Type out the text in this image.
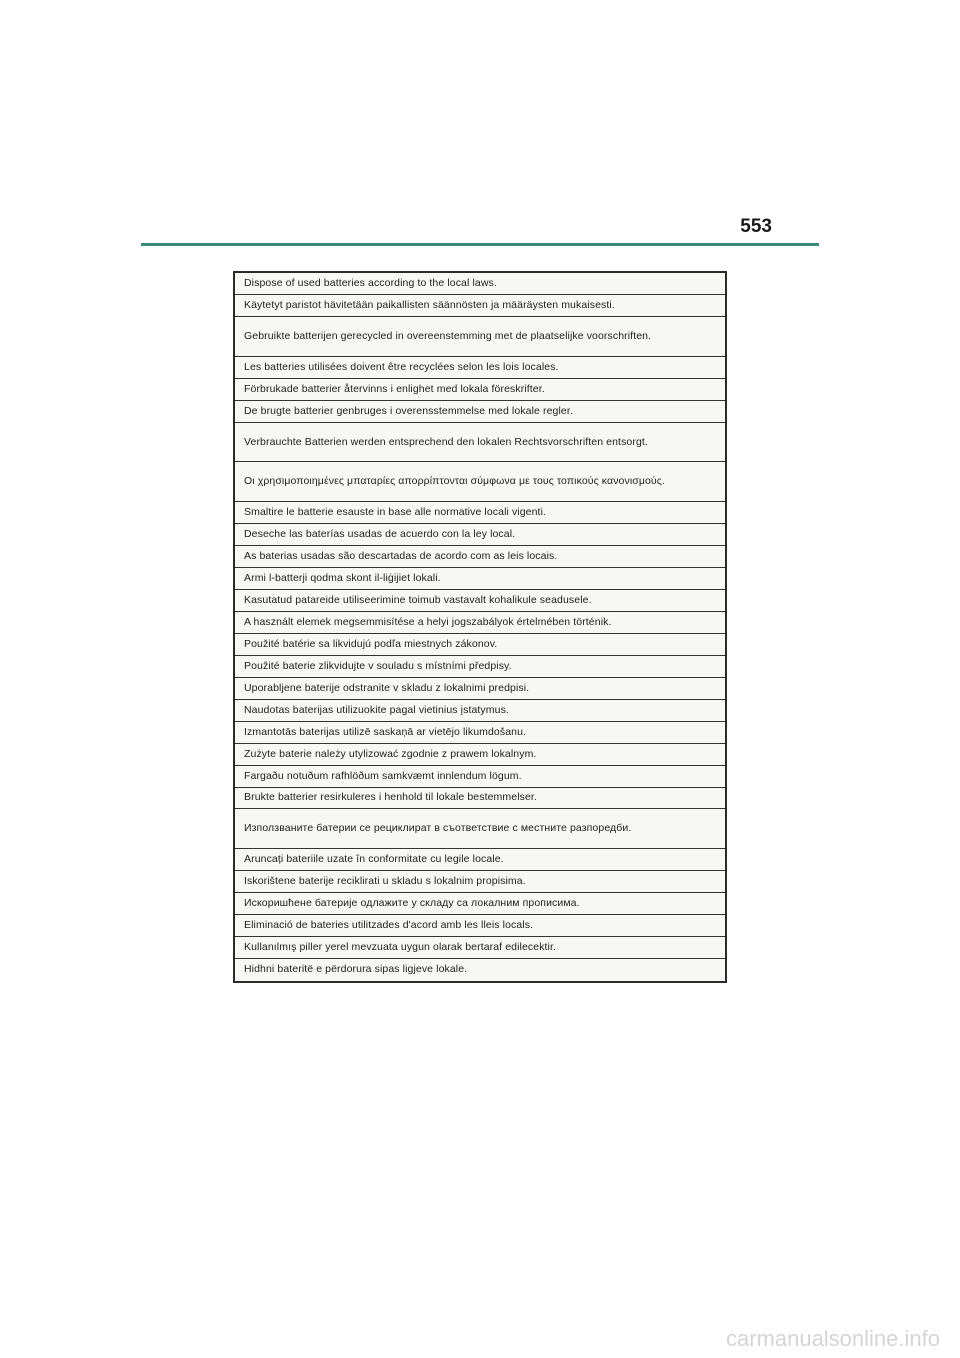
553
Dispose of used batteries according to the local laws.
Käytetyt paristot hävitetään paikallisten säännösten ja määräysten mukaisesti.
Gebruikte batterijen gerecycled in overeenstemming met de plaatselijke voorschriften.
Les batteries utilisées doivent être recyclées selon les lois locales.
Förbrukade batterier återvinns i enlighet med lokala föreskrifter.
De brugte batterier genbruges i overensstemmelse med lokale regler.
Verbrauchte Batterien werden entsprechend den lokalen Rechtsvorschriften entsorgt.
Οι χρησιμοποιημένες μπαταρίες απορρίπτονται σύμφωνα με τους τοπικούς κανονισμούς.
Smaltire le batterie esauste in base alle normative locali vigenti.
Deseche las baterías usadas de acuerdo con la ley local.
As baterias usadas são descartadas de acordo com as leis locais.
Armi l-batterji qodma skont il-liġijiet lokali.
Kasutatud patareide utiliseerimine toimub vastavalt kohalikule seadusele.
A használt elemek megsemmisítése a helyi jogszabályok értelmében történik.
Použité batérie sa likvidujú podľa miestnych zákonov.
Použité baterie zlikvidujte v souladu s místními předpisy.
Uporabljene baterije odstranite v skladu z lokalnimi predpisi.
Naudotas baterijas utilizuokite pagal vietinius įstatymus.
Izmantotās baterijas utilizē saskaņā ar vietējo likumdošanu.
Zużyte baterie należy utylizować zgodnie z prawem lokalnym.
Fargaðu notuðum rafhlöðum samkvæmt innlendum lögum.
Brukte batterier resirkuleres i henhold til lokale bestemmelser.
Използваните батерии се рециклират в съответствие с местните разпоредби.
Aruncați bateriile uzate în conformitate cu legile locale.
Iskorištene baterije reciklirati u skladu s lokalnim propisima.
Искоришћене батерије одлажите у складу са локалним прописима.
Eliminació de bateries utilitzades d'acord amb les lleis locals.
Kullanılmış piller yerel mevzuata uygun olarak bertaraf edilecektir.
Hidhni bateritë e përdorura sipas ligjeve lokale.
carmanualsonline.info
